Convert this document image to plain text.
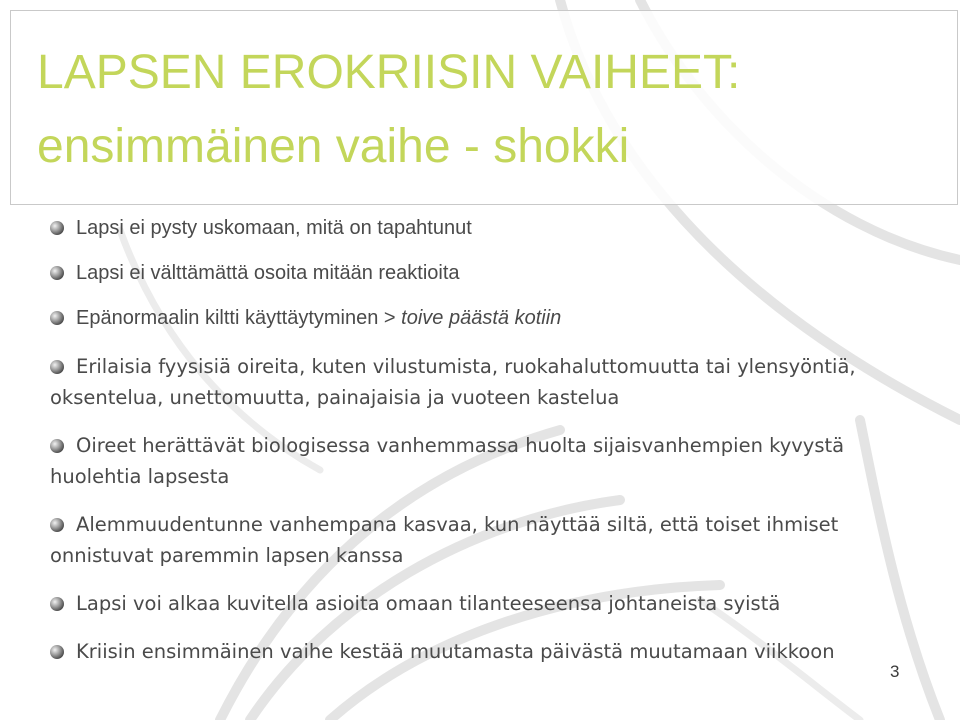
LAPSEN EROKRIISIN VAIHEET:
ensimmäinen vaihe - shokki

Lapsi ei pysty uskomaan, mitä on tapahtunut

Lapsi ei välttämättä osoita mitään reaktioita

Epänormaalin kiltti käyttäytyminen > toive päästä kotiin

Erilaisia fyysisiä oireita, kuten vilustumista, ruokahaluttomuutta tai ylensyöntiä, oksentelua, unettomuutta, painajaisia ja vuoteen kastelua

Oireet herättävät biologisessa vanhemmassa huolta sijaisvanhempien kyvystä huolehtia lapsesta

Alemmuudentunne vanhempana kasvaa, kun näyttää siltä, että toiset ihmiset onnistuvat paremmin lapsen kanssa

Lapsi voi alkaa kuvitella asioita omaan tilanteeseensa johtaneista syistä

Kriisin ensimmäinen vaihe kestää muutamasta päivästä muutamaan viikkoon

3
